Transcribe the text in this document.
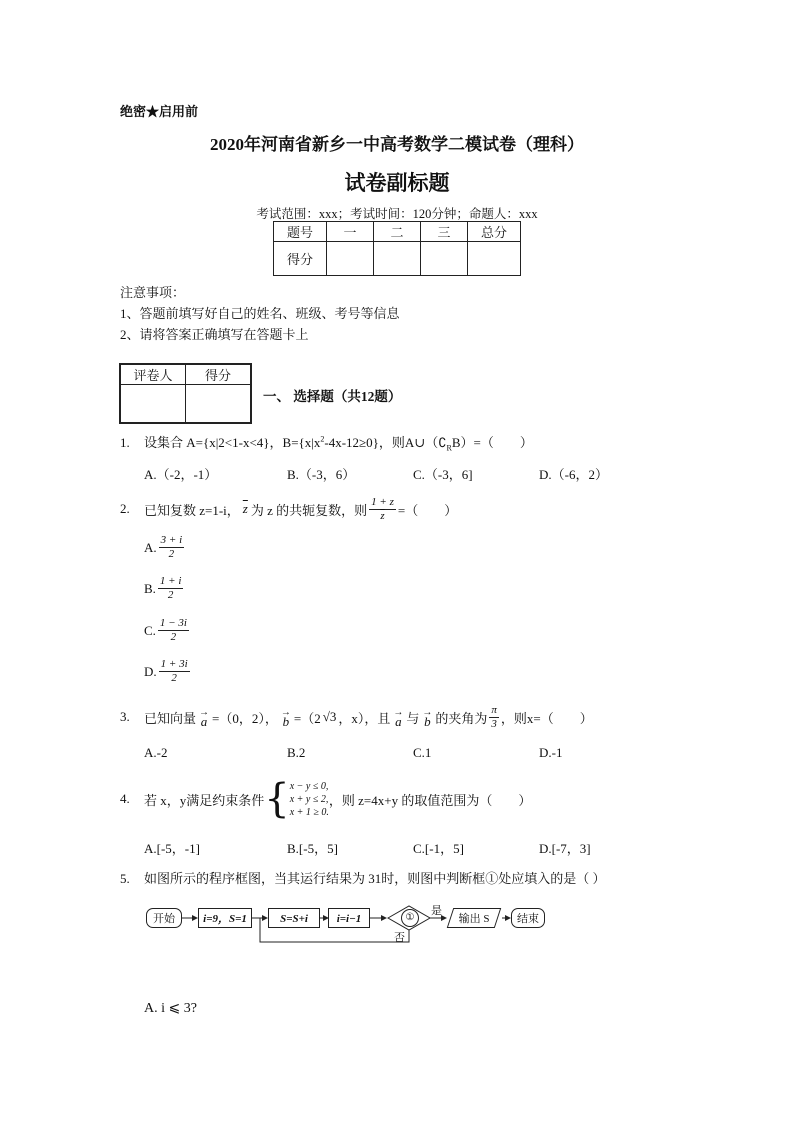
绝密★启用前
2020年河南省新乡一中高考数学二模试卷（理科）
试卷副标题
考试范围：xxx；考试时间：120分钟；命题人：xxx
题号	一	二	三	总分
得分				
注意事项：
1、答题前填写好自己的姓名、班级、考号等信息
2、请将答案正确填写在答题卡上
评卷人	得分

一、 选择题（共12题）
1. 设集合 A={x|2<1-x<4}，$B=\{x|x^2-4x-12\ge 0\}$，则$A\cup(∁_RB)=$（　　）
A.（-2，-1）	B.（-3，6）	C.（-3，6]	D.（-6，2）
2.	已知复数 z=1-i， $\overline{z}$ 为 z 的共轭复数，则 $\frac{1 + z}{z}$ =（　　）
A. $\frac{3 + i}{2}$
B. $\frac{1 + i}{2}$
C. $\frac{1 - 3i}{2}$
D. $\frac{1 + 3i}{2}$
3.	已知向量 →
a =（0，2）， →
b =（2 √3 ，x），且 →
a 与 →
b 的夹角为 $\frac{\pi}{3}$ ，则x=（　　）
A.-2	B.2	C.1	D.-1
4.	若 x，y满足约束条件 { x − y ≤ 0,
x + y ≤ 2,
x + 1 ≥ 0.
，则 z=4x+y 的取值范围为（　　）
A.[-5，-1]	B.[-5，5]	C.[-1，5]	D.[-7，3]
5. 如图所示的程序框图，当其运行结果为 31时，则图中判断框①处应填入的是（ ）
开始	i=9，S=1	S=S+i	i=i−1	①
是
否
输出 S	结束
A. i ⩽ 3?
